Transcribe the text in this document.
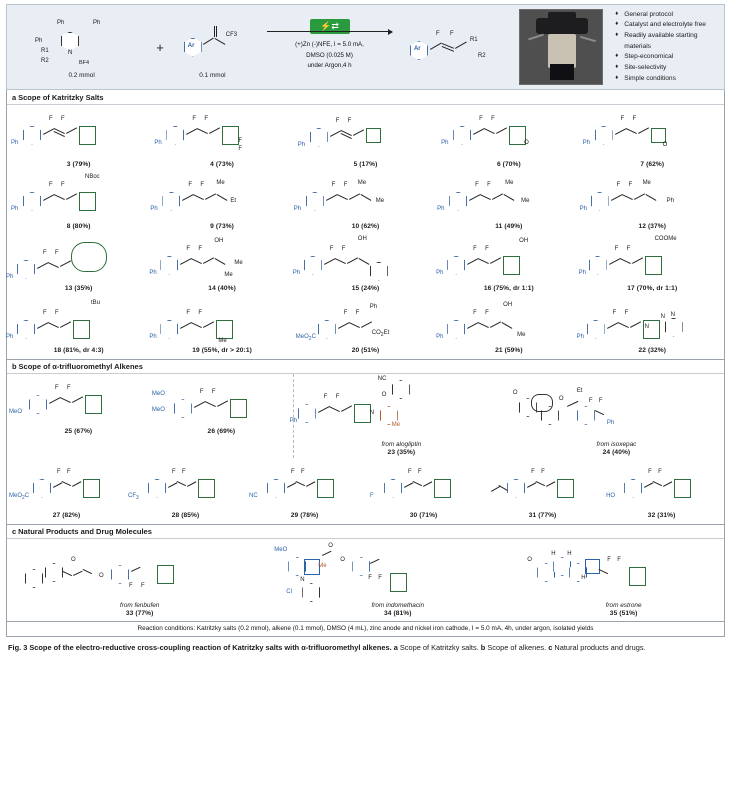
Ph	Ph
Ph
R1
R2
N
BF4
0.2 mmol
+	Ar
CF3
0.1 mmol
⚡⇄
(+)Zn (-)NFE, I = 5.0 mA,
DMSO (0.025 M)
under Argon,4 h
Ar
F F
R1
R2
♦ General protocol
♦ Catalyst and electrolyte free
♦ Readily available starting materials
♦ Step-economical
♦ Site-selectivity
♦ Simple conditions
a Scope of Katritzky Salts
Ph
F F
3 (79%)
Ph
F F
F
F
4 (73%)
Ph
F F
5 (17%)
Ph
F F
O
6 (70%)
Ph
F F
O
7 (62%)
Ph
F F
NBoc
8 (80%)
Ph
F F Me
Et
9 (73%)
Ph
F F Me
Me
10 (62%)
Ph
F F Me
Me
11 (49%)
Ph
F F Me
Ph
12 (37%)
Ph
F F
13 (35%)
Ph
F F
OH
Me
Me
14 (40%)
Ph
F F
OH
15 (24%)
Ph
F F
OH
16 (75%, dr 1:1)
Ph
F F
COOMe
17 (70%, dr 1:1)
Ph
F F
tBu
18 (81%, dr 4:3)
Ph
F F
Me
19 (55%, dr > 20:1)
MeO$_2$C
F F
Ph
$CO_2Et$
20 (51%)
Ph
F F
OH
Me
21 (59%)
Ph
F F
N
N N
22 (32%)
b Scope of α-trifluoromethyl Alkenes
MeO
F F
25 (67%)
MeO
MeO
F F
26 (69%)
Ph
F F
N
Me
O
NC
from alogliptin
23 (35%)
O
O
Et
F F
Ph
from isoxepac
24 (40%)
MeO$_2$C
F F
27 (82%)
$CF_3$
F F
28 (85%)
NC
F F
29 (78%)
F
F F
30 (71%)
F F
31 (77%)
HO
F F
32 (31%)
c Natural Products and Drug Molecules
O
O
F F
from fenbufen
33 (77%)
MeO
Me
N
Cl
O
O
F F
from indomethacin
34 (81%)
O
H H
H
F F
from estrone
35 (51%)
Reaction conditions: Katritzky salts (0.2 mmol), alkene (0.1 mmol), DMSO (4 mL), zinc anode and nickel iron cathode, I = 5.0 mA, 4h, under argon, isolated yields
Fig. 3 Scope of the electro-reductive cross-coupling reaction of Katritzky salts with α-trifluoromethyl alkenes. a Scope of Katritzky salts. b Scope of alkenes. c Natural products and drugs.
